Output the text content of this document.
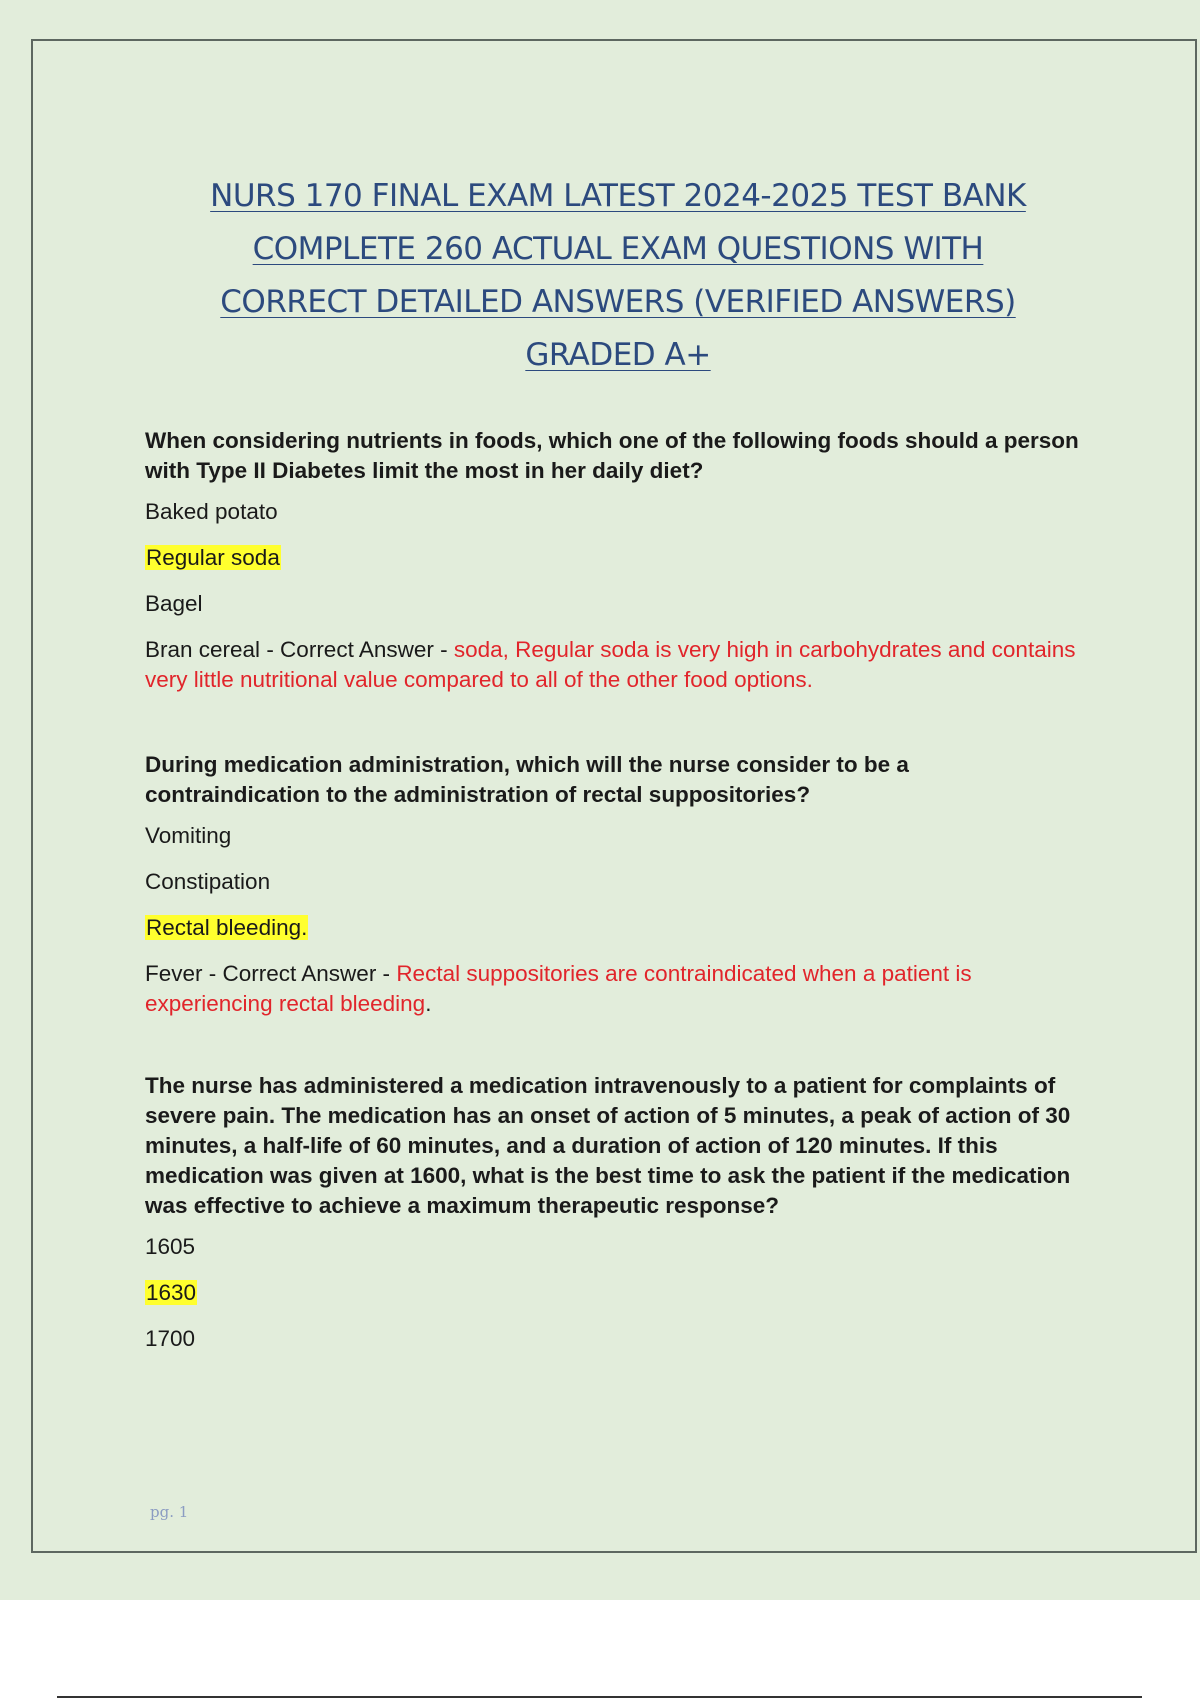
NURS 170 FINAL EXAM LATEST 2024-2025 TEST BANK
COMPLETE 260 ACTUAL EXAM QUESTIONS WITH
CORRECT DETAILED ANSWERS (VERIFIED ANSWERS)
GRADED A+

When considering nutrients in foods, which one of the following foods should a person with Type II Diabetes limit the most in her daily diet?

Baked potato

Regular soda

Bagel

Bran cereal - Correct Answer - soda, Regular soda is very high in carbohydrates and contains very little nutritional value compared to all of the other food options.

During medication administration, which will the nurse consider to be a contraindication to the administration of rectal suppositories?

Vomiting

Constipation

Rectal bleeding.

Fever - Correct Answer - Rectal suppositories are contraindicated when a patient is experiencing rectal bleeding.

The nurse has administered a medication intravenously to a patient for complaints of severe pain. The medication has an onset of action of 5 minutes, a peak of action of 30 minutes, a half-life of 60 minutes, and a duration of action of 120 minutes. If this medication was given at 1600, what is the best time to ask the patient if the medication was effective to achieve a maximum therapeutic response?

1605

1630

1700

pg. 1
